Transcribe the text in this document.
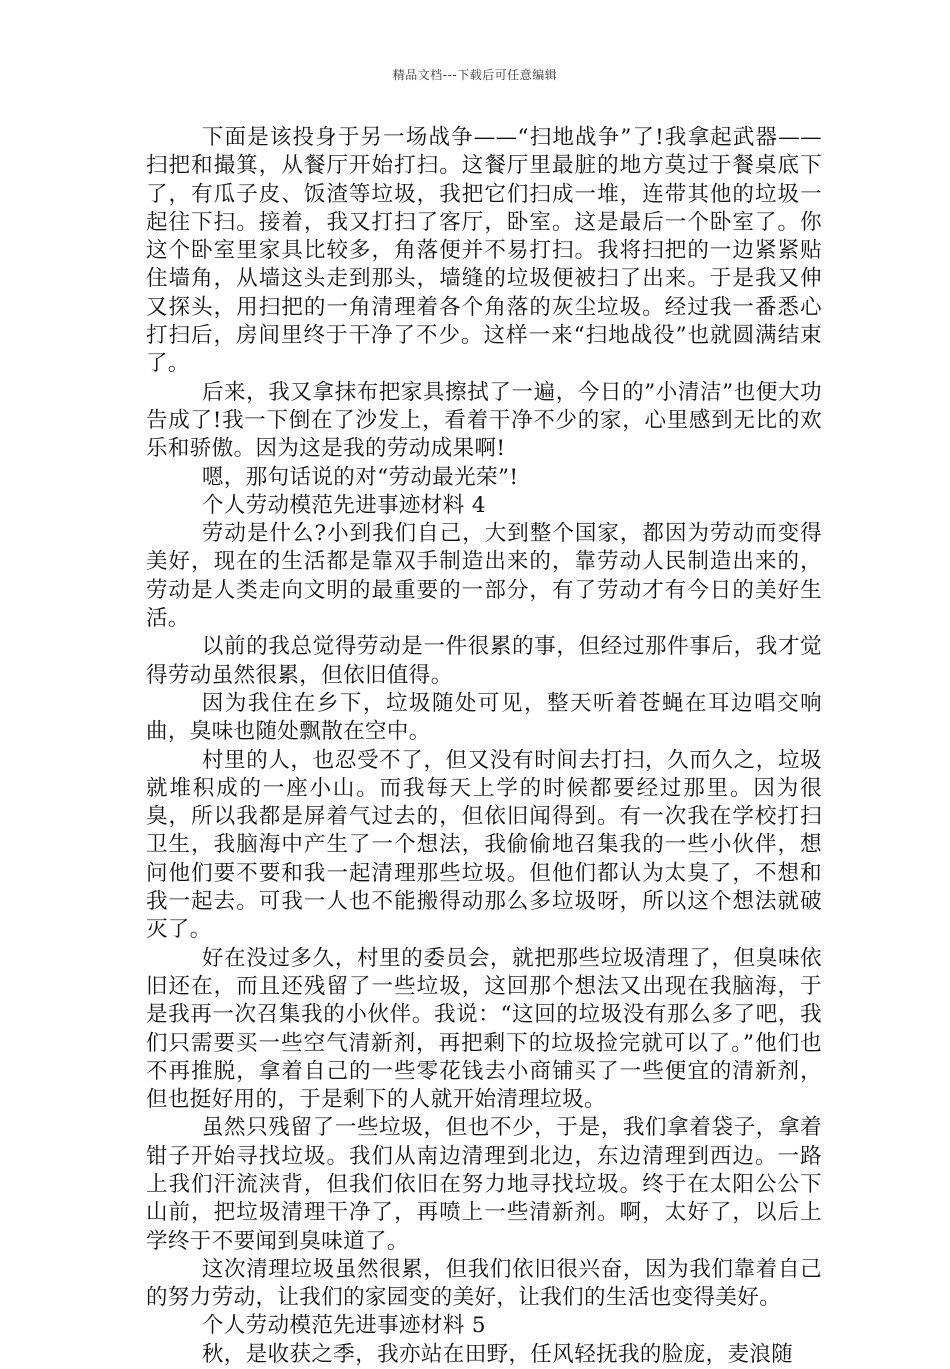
精品文档---下载后可任意编辑

下面是该投身于另一场战争——“扫地战争”了!我拿起武器——扫把和撮箕，从餐厅开始打扫。这餐厅里最脏的地方莫过于餐桌底下了，有瓜子皮、饭渣等垃圾，我把它们扫成一堆，连带其他的垃圾一起往下扫。接着，我又打扫了客厅，卧室。这是最后一个卧室了。你这个卧室里家具比较多，角落便并不易打扫。我将扫把的一边紧紧贴住墙角，从墙这头走到那头，墙缝的垃圾便被扫了出来。于是我又伸又探头，用扫把的一角清理着各个角落的灰尘垃圾。经过我一番悉心打扫后，房间里终于干净了不少。这样一来“扫地战役”也就圆满结束了。

后来，我又拿抹布把家具擦拭了一遍，今日的”小清洁”也便大功告成了!我一下倒在了沙发上，看着干净不少的家，心里感到无比的欢乐和骄傲。因为这是我的劳动成果啊!

嗯，那句话说的对“劳动最光荣”!

个人劳动模范先进事迹材料 4

劳动是什么?小到我们自己，大到整个国家，都因为劳动而变得美好，现在的生活都是靠双手制造出来的，靠劳动人民制造出来的，劳动是人类走向文明的最重要的一部分，有了劳动才有今日的美好生活。

以前的我总觉得劳动是一件很累的事，但经过那件事后，我才觉得劳动虽然很累，但依旧值得。

因为我住在乡下，垃圾随处可见，整天听着苍蝇在耳边唱交响曲，臭味也随处飘散在空中。

村里的人，也忍受不了，但又没有时间去打扫，久而久之，垃圾就堆积成的一座小山。而我每天上学的时候都要经过那里。因为很臭，所以我都是屏着气过去的，但依旧闻得到。有一次我在学校打扫卫生，我脑海中产生了一个想法，我偷偷地召集我的一些小伙伴，想问他们要不要和我一起清理那些垃圾。但他们都认为太臭了，不想和我一起去。可我一人也不能搬得动那么多垃圾呀，所以这个想法就破灭了。

好在没过多久，村里的委员会，就把那些垃圾清理了，但臭味依旧还在，而且还残留了一些垃圾，这回那个想法又出现在我脑海，于是我再一次召集我的小伙伴。我说：“这回的垃圾没有那么多了吧，我们只需要买一些空气清新剂，再把剩下的垃圾捡完就可以了。”他们也不再推脱，拿着自己的一些零花钱去小商铺买了一些便宜的清新剂，但也挺好用的，于是剩下的人就开始清理垃圾。

虽然只残留了一些垃圾，但也不少，于是，我们拿着袋子，拿着钳子开始寻找垃圾。我们从南边清理到北边，东边清理到西边。一路上我们汗流浃背，但我们依旧在努力地寻找垃圾。终于在太阳公公下山前，把垃圾清理干净了，再喷上一些清新剂。啊，太好了，以后上学终于不要闻到臭味道了。

这次清理垃圾虽然很累，但我们依旧很兴奋，因为我们靠着自己的努力劳动，让我们的家园变的美好，让我们的生活也变得美好。

个人劳动模范先进事迹材料 5

秋，是收获之季，我亦站在田野，任风轻抚我的脸庞，麦浪随
